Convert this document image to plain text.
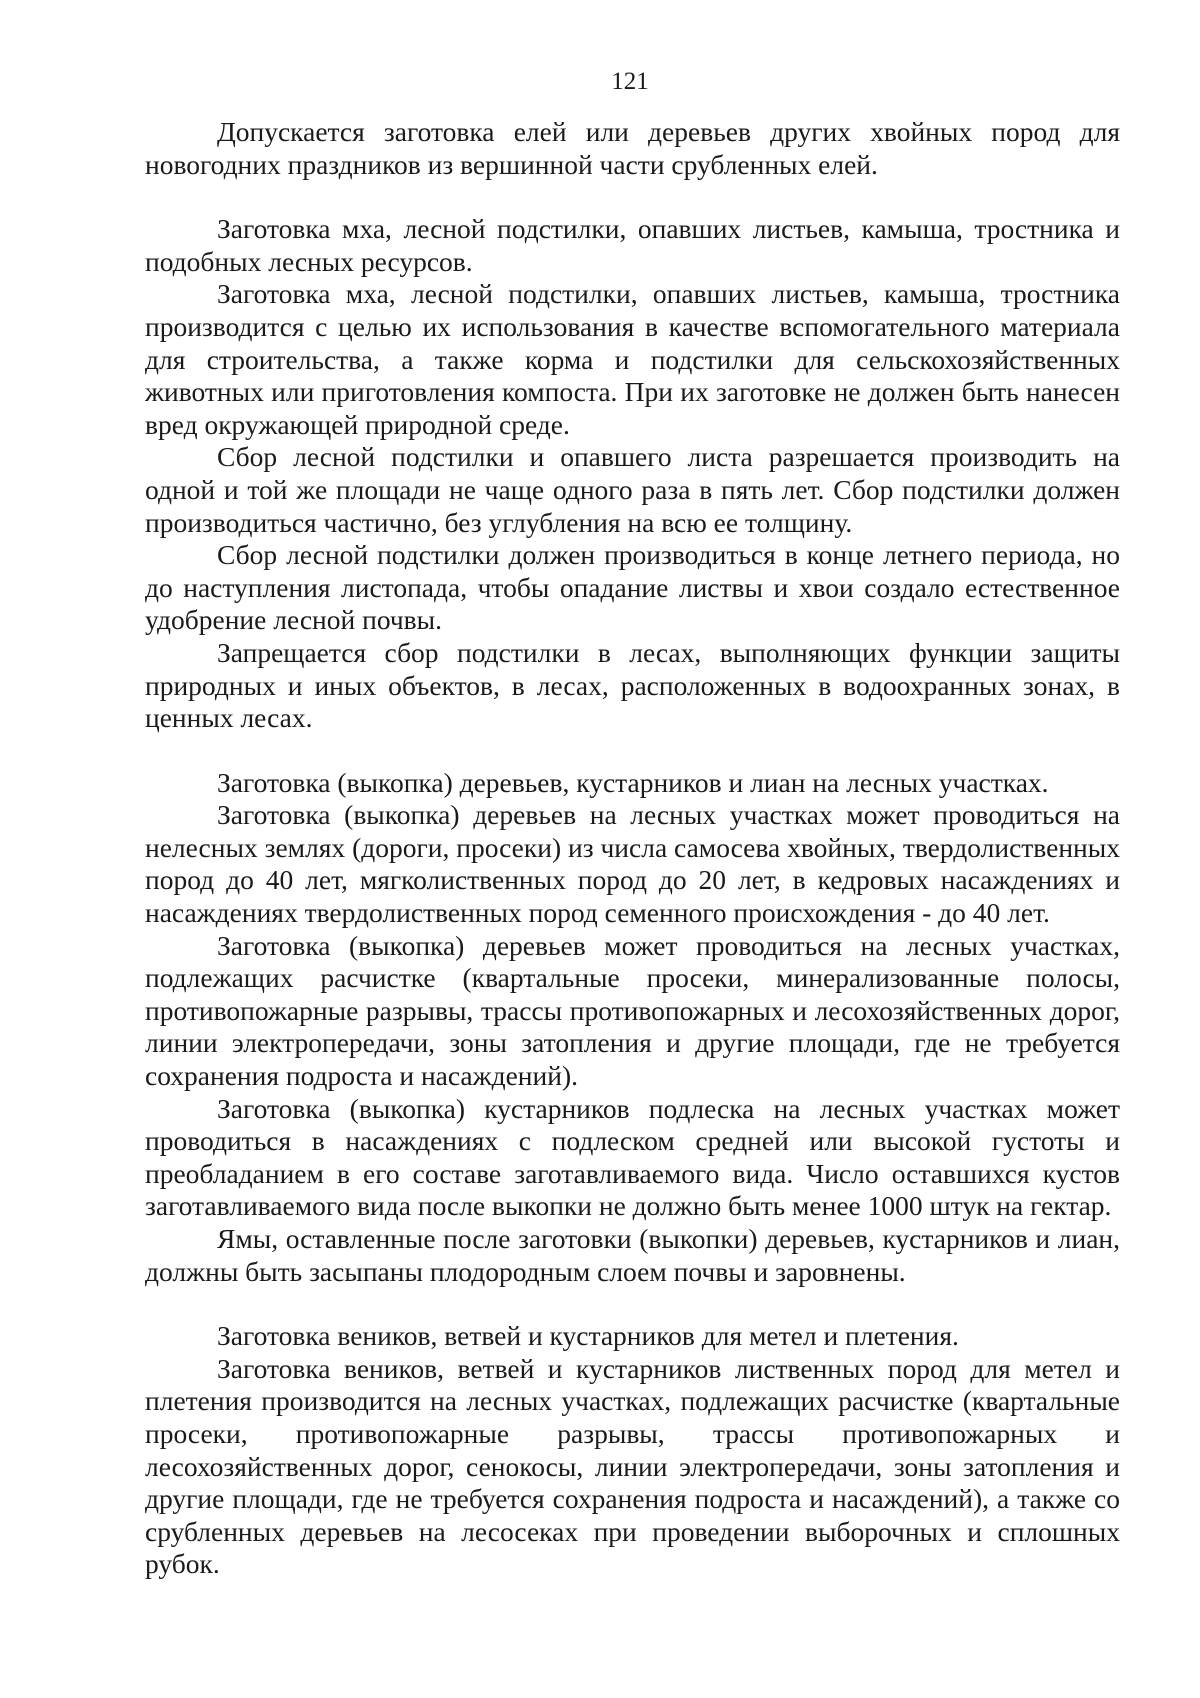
121

Допускается заготовка елей или деревьев других хвойных пород для новогодних праздников из вершинной части срубленных елей.

Заготовка мха, лесной подстилки, опавших листьев, камыша, тростника и подобных лесных ресурсов.

Заготовка мха, лесной подстилки, опавших листьев, камыша, тростника производится с целью их использования в качестве вспомогательного материала для строительства, а также корма и подстилки для сельскохозяйственных животных или приготовления компоста. При их заготовке не должен быть нанесен вред окружающей природной среде.

Сбор лесной подстилки и опавшего листа разрешается производить на одной и той же площади не чаще одного раза в пять лет. Сбор подстилки должен производиться частично, без углубления на всю ее толщину.

Сбор лесной подстилки должен производиться в конце летнего периода, но до наступления листопада, чтобы опадание листвы и хвои создало естественное удобрение лесной почвы.

Запрещается сбор подстилки в лесах, выполняющих функции защиты природных и иных объектов, в лесах, расположенных в водоохранных зонах, в ценных лесах.

Заготовка (выкопка) деревьев, кустарников и лиан на лесных участках.

Заготовка (выкопка) деревьев на лесных участках может проводиться на нелесных землях (дороги, просеки) из числа самосева хвойных, твердолиственных пород до 40 лет, мягколиственных пород до 20 лет, в кедровых насаждениях и насаждениях твердолиственных пород семенного происхождения - до 40 лет.

Заготовка (выкопка) деревьев может проводиться на лесных участках, подлежащих расчистке (квартальные просеки, минерализованные полосы, противопожарные разрывы, трассы противопожарных и лесохозяйственных дорог, линии электропередачи, зоны затопления и другие площади, где не требуется сохранения подроста и насаждений).

Заготовка (выкопка) кустарников подлеска на лесных участках может проводиться в насаждениях с подлеском средней или высокой густоты и преобладанием в его составе заготавливаемого вида. Число оставшихся кустов заготавливаемого вида после выкопки не должно быть менее 1000 штук на гектар.

Ямы, оставленные после заготовки (выкопки) деревьев, кустарников и лиан, должны быть засыпаны плодородным слоем почвы и заровнены.

Заготовка веников, ветвей и кустарников для метел и плетения.

Заготовка веников, ветвей и кустарников лиственных пород для метел и плетения производится на лесных участках, подлежащих расчистке (квартальные просеки, противопожарные разрывы, трассы противопожарных и лесохозяйственных дорог, сенокосы, линии электропередачи, зоны затопления и другие площади, где не требуется сохранения подроста и насаждений), а также со срубленных деревьев на лесосеках при проведении выборочных и сплошных рубок.
